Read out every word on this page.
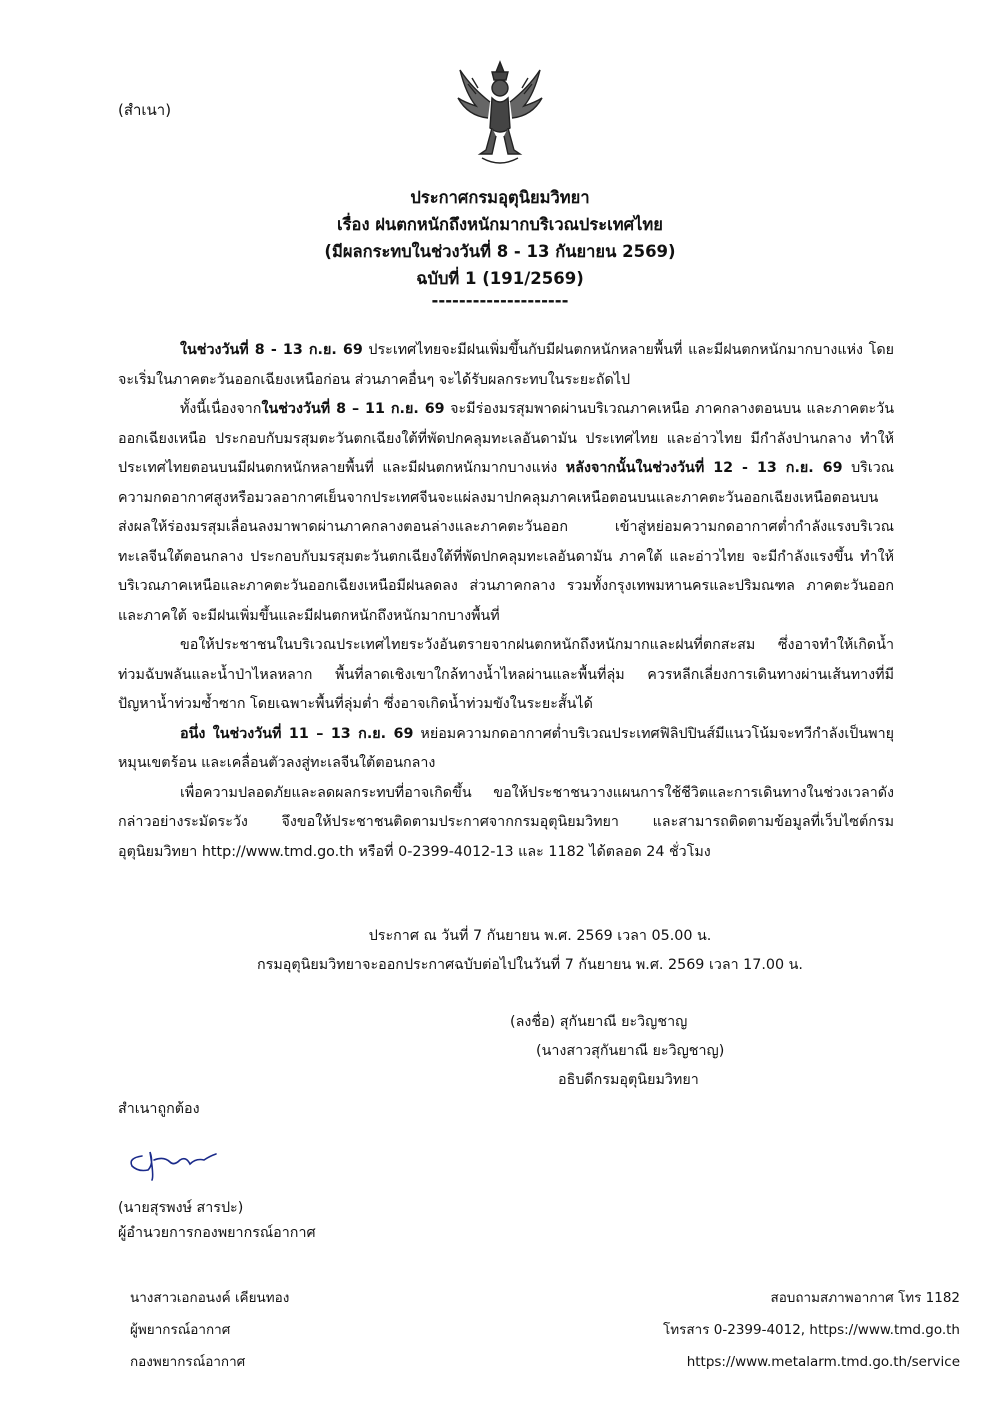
(สำเนา)
ประกาศกรมอุตุนิยมวิทยา
เรื่อง ฝนตกหนักถึงหนักมากบริเวณประเทศไทย
(มีผลกระทบในช่วงวันที่ 8 - 13 กันยายน 2569)
ฉบับที่ 1 (191/2569)
--------------------

ในช่วงวันที่ 8 - 13 ก.ย. 69 ประเทศไทยจะมีฝนเพิ่มขึ้นกับมีฝนตกหนักหลายพื้นที่ และมีฝนตกหนักมากบางแห่ง โดยจะเริ่มในภาคตะวันออกเฉียงเหนือก่อน ส่วนภาคอื่นๆ จะได้รับผลกระทบในระยะถัดไป

ทั้งนี้เนื่องจากในช่วงวันที่ 8 – 11 ก.ย. 69 จะมีร่องมรสุมพาดผ่านบริเวณภาคเหนือ ภาคกลางตอนบน และภาคตะวันออกเฉียงเหนือ ประกอบกับมรสุมตะวันตกเฉียงใต้ที่พัดปกคลุมทะเลอันดามัน ประเทศไทย และอ่าวไทย มีกำลังปานกลาง ทำให้ประเทศไทยตอนบนมีฝนตกหนักหลายพื้นที่ และมีฝนตกหนักมากบางแห่ง หลังจากนั้นในช่วงวันที่ 12 - 13 ก.ย. 69 บริเวณความกดอากาศสูงหรือมวลอากาศเย็นจากประเทศจีนจะแผ่ลงมาปกคลุมภาคเหนือตอนบนและภาคตะวันออกเฉียงเหนือตอนบน ส่งผลให้ร่องมรสุมเลื่อนลงมาพาดผ่านภาคกลางตอนล่างและภาคตะวันออก เข้าสู่หย่อมความกดอากาศต่ำกำลังแรงบริเวณทะเลจีนใต้ตอนกลาง ประกอบกับมรสุมตะวันตกเฉียงใต้ที่พัดปกคลุมทะเลอันดามัน ภาคใต้ และอ่าวไทย จะมีกำลังแรงขึ้น ทำให้บริเวณภาคเหนือและภาคตะวันออกเฉียงเหนือมีฝนลดลง ส่วนภาคกลาง รวมทั้งกรุงเทพมหานครและปริมณฑล ภาคตะวันออก และภาคใต้ จะมีฝนเพิ่มขึ้นและมีฝนตกหนักถึงหนักมากบางพื้นที่

ขอให้ประชาชนในบริเวณประเทศไทยระวังอันตรายจากฝนตกหนักถึงหนักมากและฝนที่ตกสะสม ซึ่งอาจทำให้เกิดน้ำท่วมฉับพลันและน้ำป่าไหลหลาก พื้นที่ลาดเชิงเขาใกล้ทางน้ำไหลผ่านและพื้นที่ลุ่ม ควรหลีกเลี่ยงการเดินทางผ่านเส้นทางที่มีปัญหาน้ำท่วมซ้ำซาก โดยเฉพาะพื้นที่ลุ่มต่ำ ซึ่งอาจเกิดน้ำท่วมขังในระยะสั้นได้

อนึ่ง ในช่วงวันที่ 11 – 13 ก.ย. 69 หย่อมความกดอากาศต่ำบริเวณประเทศฟิลิปปินส์มีแนวโน้มจะทวีกำลังเป็นพายุหมุนเขตร้อน และเคลื่อนตัวลงสู่ทะเลจีนใต้ตอนกลาง

เพื่อความปลอดภัยและลดผลกระทบที่อาจเกิดขึ้น ขอให้ประชาชนวางแผนการใช้ชีวิตและการเดินทางในช่วงเวลาดังกล่าวอย่างระมัดระวัง จึงขอให้ประชาชนติดตามประกาศจากกรมอุตุนิยมวิทยา และสามารถติดตามข้อมูลที่เว็บไซต์กรมอุตุนิยมวิทยา http://www.tmd.go.th หรือที่ 0-2399-4012-13 และ 1182 ได้ตลอด 24 ชั่วโมง

ประกาศ ณ วันที่ 7 กันยายน พ.ศ. 2569 เวลา 05.00 น.
กรมอุตุนิยมวิทยาจะออกประกาศฉบับต่อไปในวันที่ 7 กันยายน พ.ศ. 2569 เวลา 17.00 น.
(ลงชื่อ) สุกันยาณี ยะวิญชาญ
(นางสาวสุกันยาณี ยะวิญชาญ)
อธิบดีกรมอุตุนิยมวิทยา
สำเนาถูกต้อง
(นายสุรพงษ์ สารปะ)
ผู้อำนวยการกองพยากรณ์อากาศ
นางสาวเอกอนงค์ เคียนทอง
ผู้พยากรณ์อากาศ
กองพยากรณ์อากาศ
สอบถามสภาพอากาศ โทร 1182
โทรสาร 0-2399-4012, https://www.tmd.go.th
https://www.metalarm.tmd.go.th/service
